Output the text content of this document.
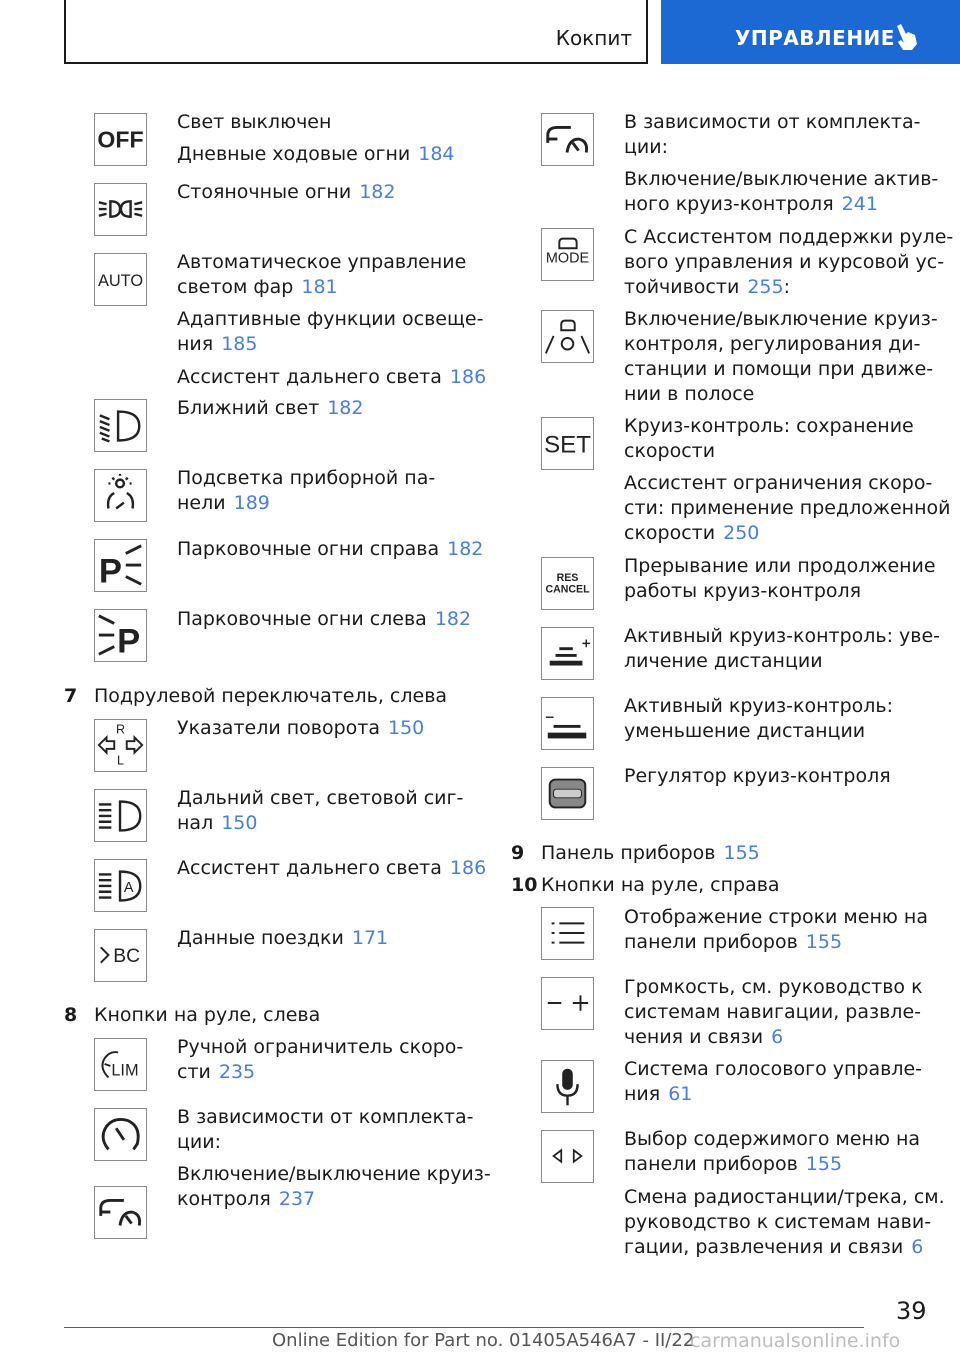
Кокпит	УПРАВЛЕНИЕ
OFF
Свет выключен
Дневные ходовые огни 184
Стояночные огни 182
AUTO
Автоматическое управление
светом фар 181
Адаптивные функции освеще-
ния 185
Ассистент дальнего света 186
Ближний свет 182
Подсветка приборной па-
нели 189
P
Парковочные огни справа 182
P
Парковочные огни слева 182
7 Подрулевой переключатель, слева
R
L
Указатели поворота 150
Дальний свет, световой сиг-
нал 150
A
Ассистент дальнего света 186
BC
Данные поездки 171
8 Кнопки на руле, слева
LIM
Ручной ограничитель скоро-
сти 235
В зависимости от комплекта-
ции:
Включение/выключение круиз-
контроля 237
В зависимости от комплекта-
ции:
Включение/выключение актив-
ного круиз-контроля 241
MODE
С Ассистентом поддержки руле-
вого управления и курсовой ус-
тойчивости 255:
Включение/выключение круиз-
контроля, регулирования ди-
станции и помощи при движе-
нии в полосе
SET
Круиз-контроль: сохранение
скорости
Ассистент ограничения скоро-
сти: применение предложенной
скорости 250
RES
CANCEL
Прерывание или продолжение
работы круиз-контроля
Активный круиз-контроль: уве-
личение дистанции
Активный круиз-контроль:
уменьшение дистанции
Регулятор круиз-контроля
9 Панель приборов 155
10 Кнопки на руле, справа
Отображение строки меню на
панели приборов 155
Громкость, см. руководство к
системам навигации, развле-
чения и связи 6
Система голосового управле-
ния 61
Выбор содержимого меню на
панели приборов 155
Смена радиостанции/трека, см.
руководство к системам нави-
гации, развлечения и связи 6
39
Online Edition for Part no. 01405A546A7 - II/22
carmanualsonline.info
